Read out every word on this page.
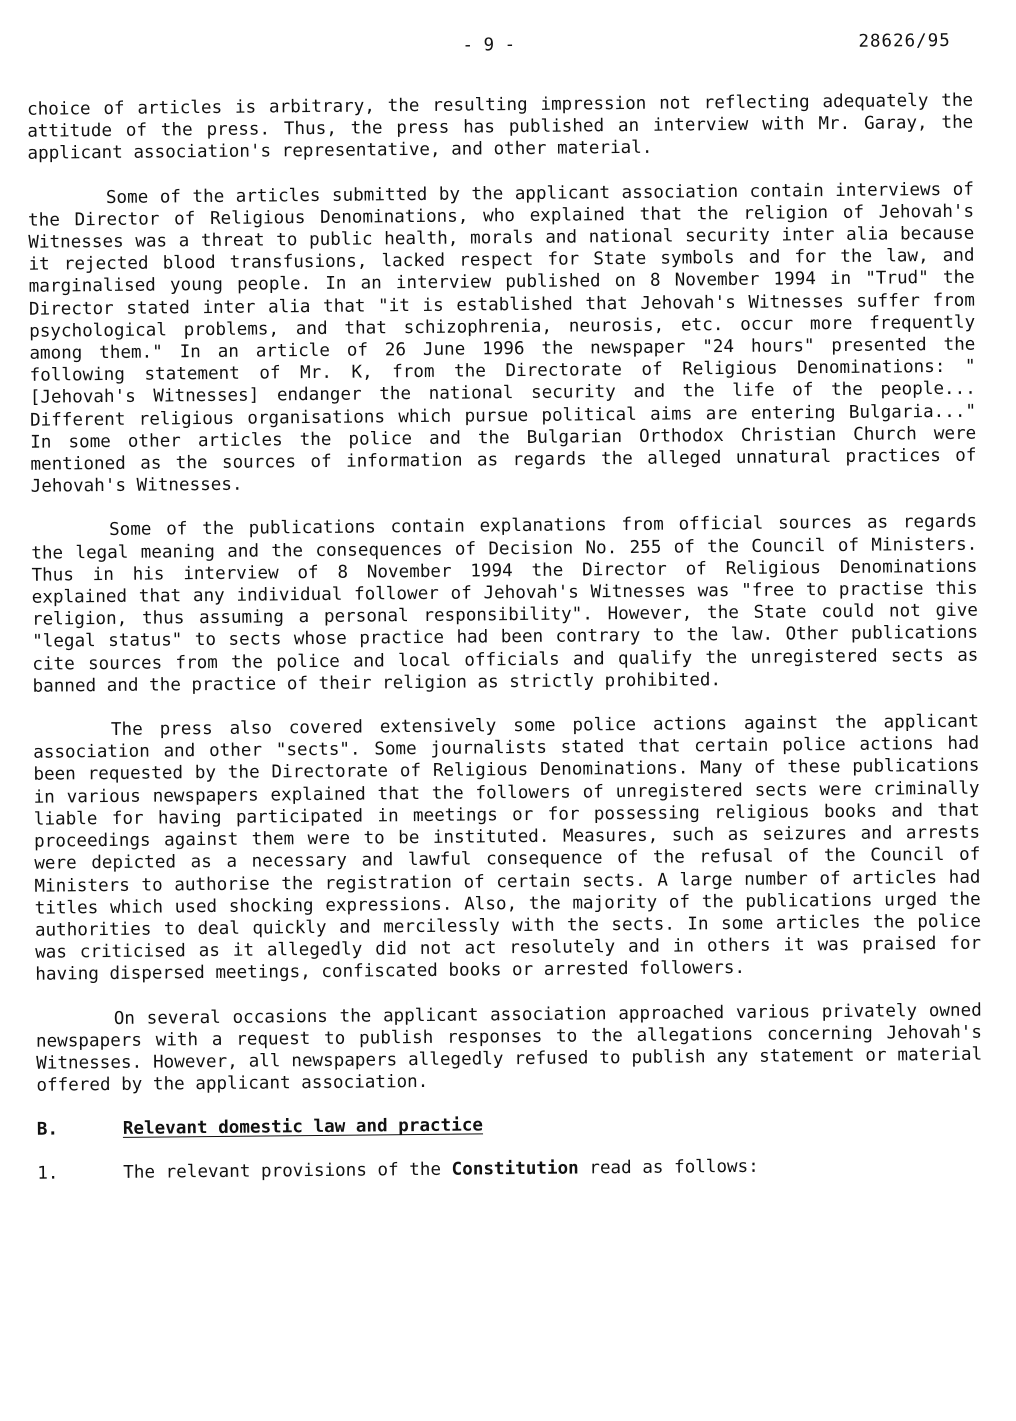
- 9 -	28626/95

choice of articles is arbitrary, the resulting impression not reflecting adequately the attitude of the press. Thus, the press has published an interview with Mr. Garay, the applicant association's representative, and other material.

Some of the articles submitted by the applicant association contain interviews of the Director of Religious Denominations, who explained that the religion of Jehovah's Witnesses was a threat to public health, morals and national security inter alia because it rejected blood transfusions, lacked respect for State symbols and for the law, and marginalised young people. In an interview published on 8 November 1994 in "Trud" the Director stated inter alia that "it is established that Jehovah's Witnesses suffer from psychological problems, and that schizophrenia, neurosis, etc. occur more frequently among them." In an article of 26 June 1996 the newspaper "24 hours" presented the following statement of Mr. K, from the Directorate of Religious Denominations: "[Jehovah's Witnesses] endanger the national security and the life of the people... Different religious organisations which pursue political aims are entering Bulgaria..." In some other articles the police and the Bulgarian Orthodox Christian Church were mentioned as the sources of information as regards the alleged unnatural practices of Jehovah's Witnesses.

Some of the publications contain explanations from official sources as regards the legal meaning and the consequences of Decision No. 255 of the Council of Ministers. Thus in his interview of 8 November 1994 the Director of Religious Denominations explained that any individual follower of Jehovah's Witnesses was "free to practise this religion, thus assuming a personal responsibility". However, the State could not give "legal status" to sects whose practice had been contrary to the law. Other publications cite sources from the police and local officials and qualify the unregistered sects as banned and the practice of their religion as strictly prohibited.

The press also covered extensively some police actions against the applicant association and other "sects". Some journalists stated that certain police actions had been requested by the Directorate of Religious Denominations. Many of these publications in various newspapers explained that the followers of unregistered sects were criminally liable for having participated in meetings or for possessing religious books and that proceedings against them were to be instituted. Measures, such as seizures and arrests were depicted as a necessary and lawful consequence of the refusal of the Council of Ministers to authorise the registration of certain sects. A large number of articles had titles which used shocking expressions. Also, the majority of the publications urged the authorities to deal quickly and mercilessly with the sects. In some articles the police was criticised as it allegedly did not act resolutely and in others it was praised for having dispersed meetings, confiscated books or arrested followers.

On several occasions the applicant association approached various privately owned newspapers with a request to publish responses to the allegations concerning Jehovah's Witnesses. However, all newspapers allegedly refused to publish any statement or material offered by the applicant association.

B.	Relevant domestic law and practice
1.	The relevant provisions of the Constitution read as follows:
